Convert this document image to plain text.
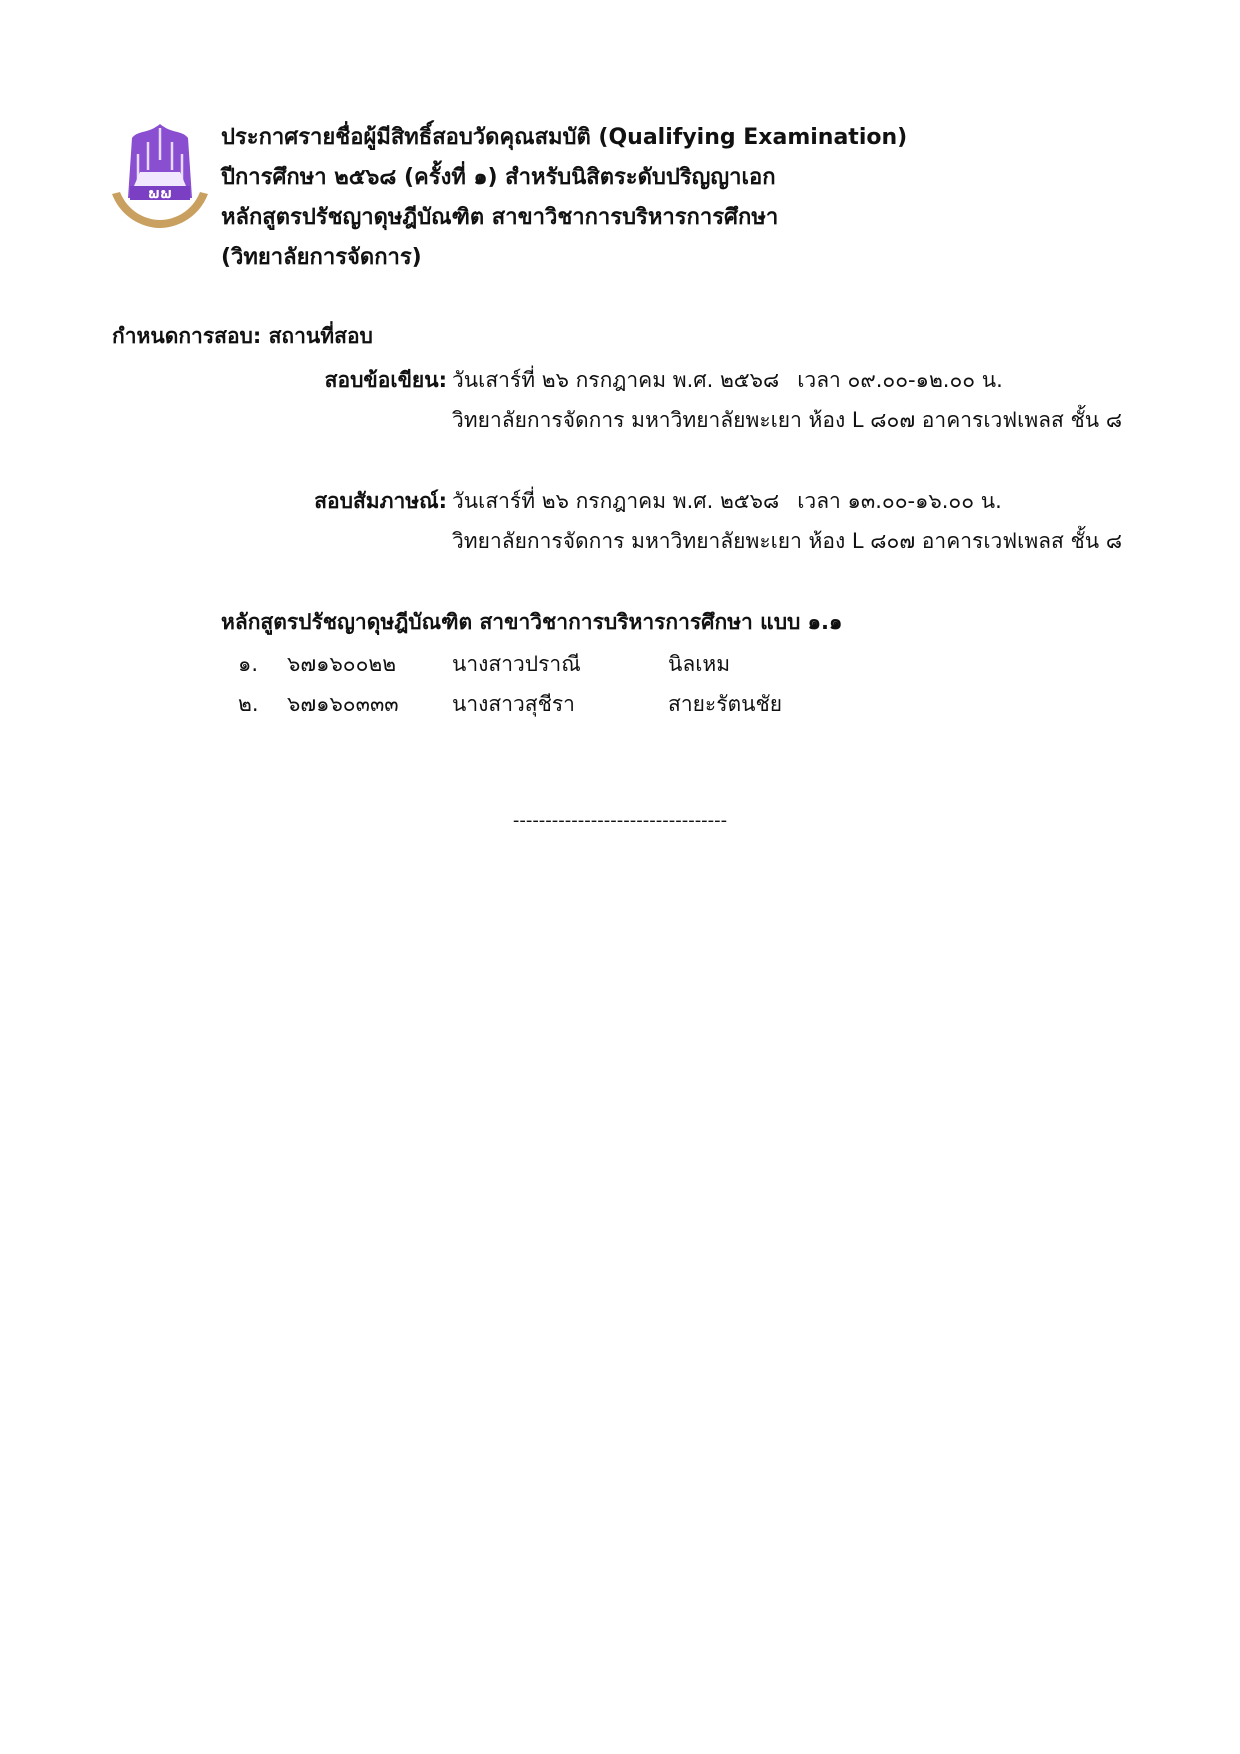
ພພ
ประกาศรายชื่อผู้มีสิทธิ์สอบวัดคุณสมบัติ (Qualifying Examination)
ปีการศึกษา ๒๕๖๘ (ครั้งที่ ๑) สำหรับนิสิตระดับปริญญาเอก
หลักสูตรปรัชญาดุษฎีบัณฑิต สาขาวิชาการบริหารการศึกษา
(วิทยาลัยการจัดการ)
กำหนดการสอบ: สถานที่สอบ
สอบข้อเขียน: วันเสาร์ที่ ๒๖ กรกฎาคม พ.ศ. ๒๕๖๘ เวลา ๐๙.๐๐-๑๒.๐๐ น.
วิทยาลัยการจัดการ มหาวิทยาลัยพะเยา ห้อง L ๘๐๗ อาคารเวฟเพลส ชั้น ๘
สอบสัมภาษณ์: วันเสาร์ที่ ๒๖ กรกฎาคม พ.ศ. ๒๕๖๘ เวลา ๑๓.๐๐-๑๖.๐๐ น.
วิทยาลัยการจัดการ มหาวิทยาลัยพะเยา ห้อง L ๘๐๗ อาคารเวฟเพลส ชั้น ๘
หลักสูตรปรัชญาดุษฎีบัณฑิต สาขาวิชาการบริหารการศึกษา แบบ ๑.๑
๑. ๖๗๑๖๐๐๒๒	นางสาวปราณี	นิลเหม
๒. ๖๗๑๖๐๓๓๓	นางสาวสุชีรา	สายะรัตนชัย
---------------------------------
